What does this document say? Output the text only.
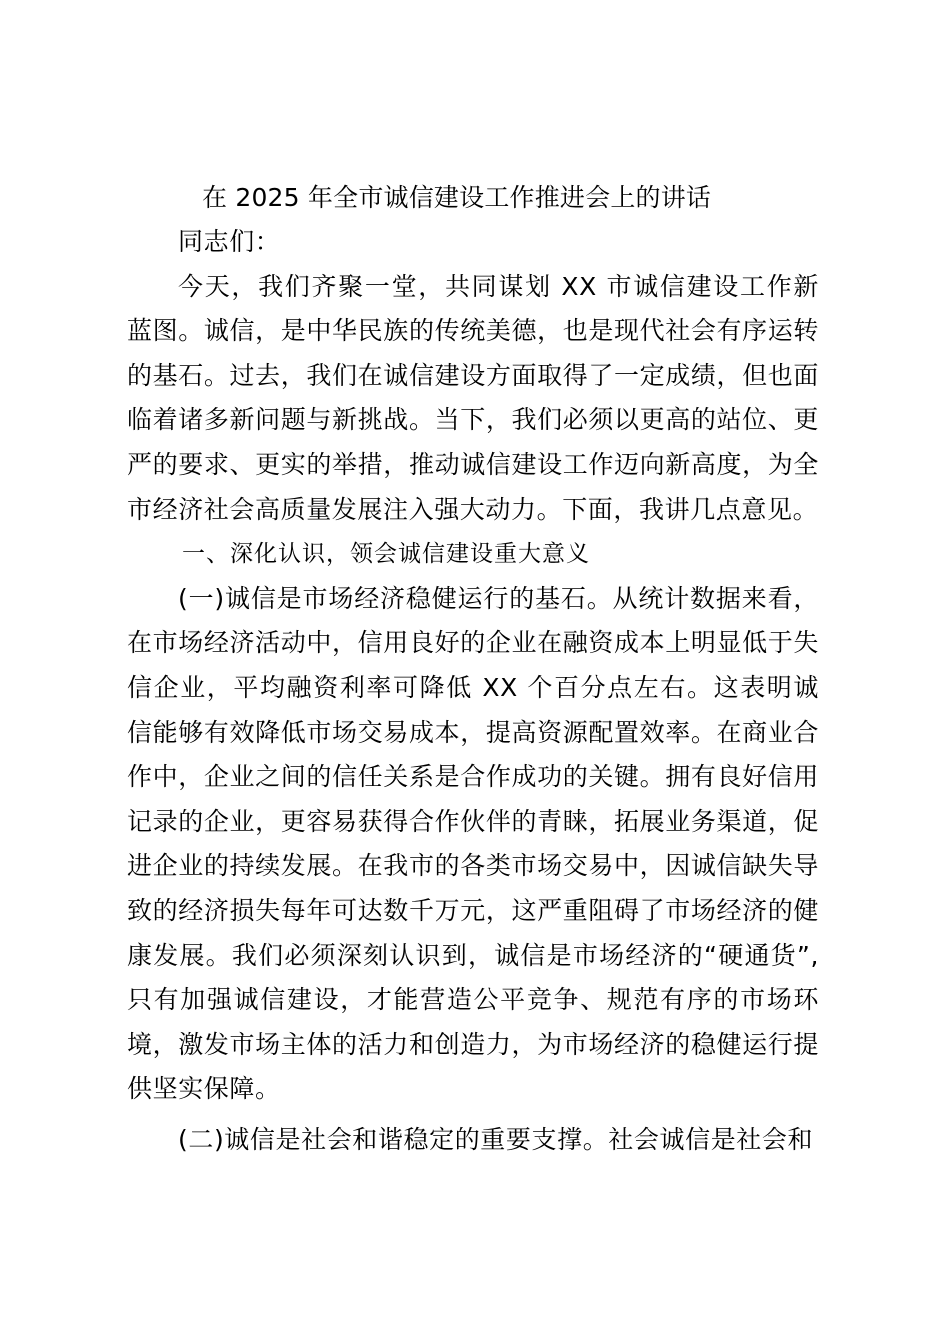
在 2025 年全市诚信建设工作推进会上的讲话

同志们：

今天，我们齐聚一堂，共同谋划 XX 市诚信建设工作新蓝图。诚信，是中华民族的传统美德，也是现代社会有序运转的基石。过去，我们在诚信建设方面取得了一定成绩，但也面临着诸多新问题与新挑战。当下，我们必须以更高的站位、更严的要求、更实的举措，推动诚信建设工作迈向新高度，为全市经济社会高质量发展注入强大动力。下面，我讲几点意见。

一、深化认识，领会诚信建设重大意义

(一)诚信是市场经济稳健运行的基石。从统计数据来看，在市场经济活动中，信用良好的企业在融资成本上明显低于失信企业，平均融资利率可降低 XX 个百分点左右。这表明诚信能够有效降低市场交易成本，提高资源配置效率。在商业合作中，企业之间的信任关系是合作成功的关键。拥有良好信用记录的企业，更容易获得合作伙伴的青睐，拓展业务渠道，促进企业的持续发展。在我市的各类市场交易中，因诚信缺失导致的经济损失每年可达数千万元，这严重阻碍了市场经济的健康发展。我们必须深刻认识到，诚信是市场经济的“硬通货”,只有加强诚信建设，才能营造公平竞争、规范有序的市场环境，激发市场主体的活力和创造力，为市场经济的稳健运行提供坚实保障。

(二)诚信是社会和谐稳定的重要支撑。社会诚信是社会和
